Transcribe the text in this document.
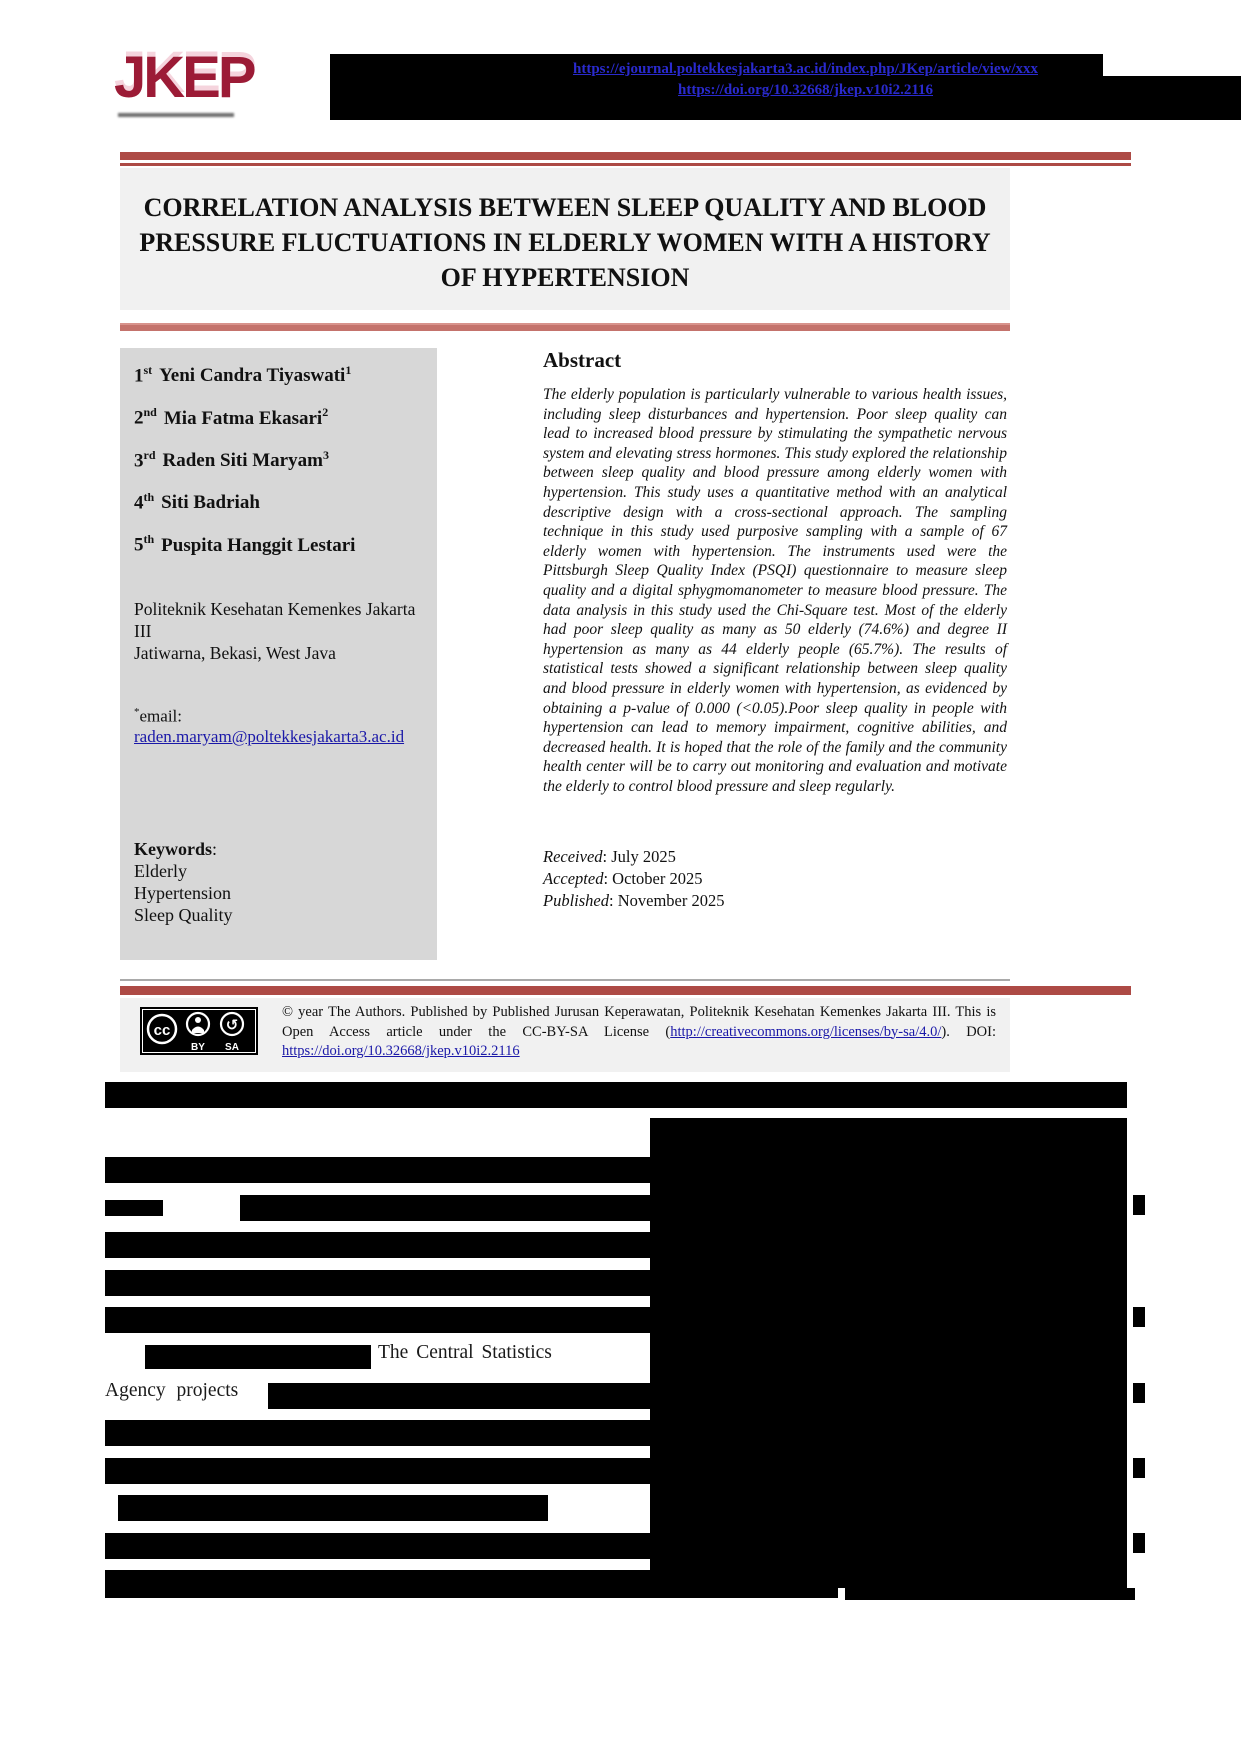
JKEP	https://ejournal.poltekkesjakarta3.ac.id/index.php/JKep/article/view/xxx
https://doi.org/10.32668/jkep.v10i2.2116
CORRELATION ANALYSIS BETWEEN SLEEP QUALITY AND BLOOD
PRESSURE FLUCTUATIONS IN ELDERLY WOMEN WITH A HISTORY
OF HYPERTENSION
1st Yeni Candra Tiyaswati$^1$
2nd Mia Fatma Ekasari$^2$
3rd Raden Siti Maryam$^3$
4th Siti Badriah
5th Puspita Hanggit Lestari
Politeknik Kesehatan Kemenkes Jakarta III
Jatiwarna, Bekasi, West Java
*email: raden.maryam@poltekkesjakarta3.ac.id
Keywords:
Elderly
Hypertension
Sleep Quality
Abstract
The elderly population is particularly vulnerable to various health issues, including sleep disturbances and hypertension. Poor sleep quality can lead to increased blood pressure by stimulating the sympathetic nervous system and elevating stress hormones. This study explored the relationship between sleep quality and blood pressure among elderly women with hypertension. This study uses a quantitative method with an analytical descriptive design with a cross-sectional approach. The sampling technique in this study used purposive sampling with a sample of 67 elderly women with hypertension. The instruments used were the Pittsburgh Sleep Quality Index (PSQI) questionnaire to measure sleep quality and a digital sphygmomanometer to measure blood pressure. The data analysis in this study used the Chi-Square test. Most of the elderly had poor sleep quality as many as 50 elderly (74.6%) and degree II hypertension as many as 44 elderly people (65.7%). The results of statistical tests showed a significant relationship between sleep quality and blood pressure in elderly women with hypertension, as evidenced by obtaining a p-value of 0.000 (<0.05).Poor sleep quality in people with hypertension can lead to memory impairment, cognitive abilities, and decreased health. It is hoped that the role of the family and the community health center will be to carry out monitoring and evaluation and motivate the elderly to control blood pressure and sleep regularly.
Received: July 2025
Accepted: October 2025
Published: November 2025
cc	↺
BY SA
© year The Authors. Published by Published Jurusan Keperawatan, Politeknik Kesehatan Kemenkes Jakarta III. This is Open Access article under the CC-BY-SA License (http://creativecommons.org/licenses/by-sa/4.0/). DOI: https://doi.org/10.32668/jkep.v10i2.2116
The Central Statistics
Agency projects
